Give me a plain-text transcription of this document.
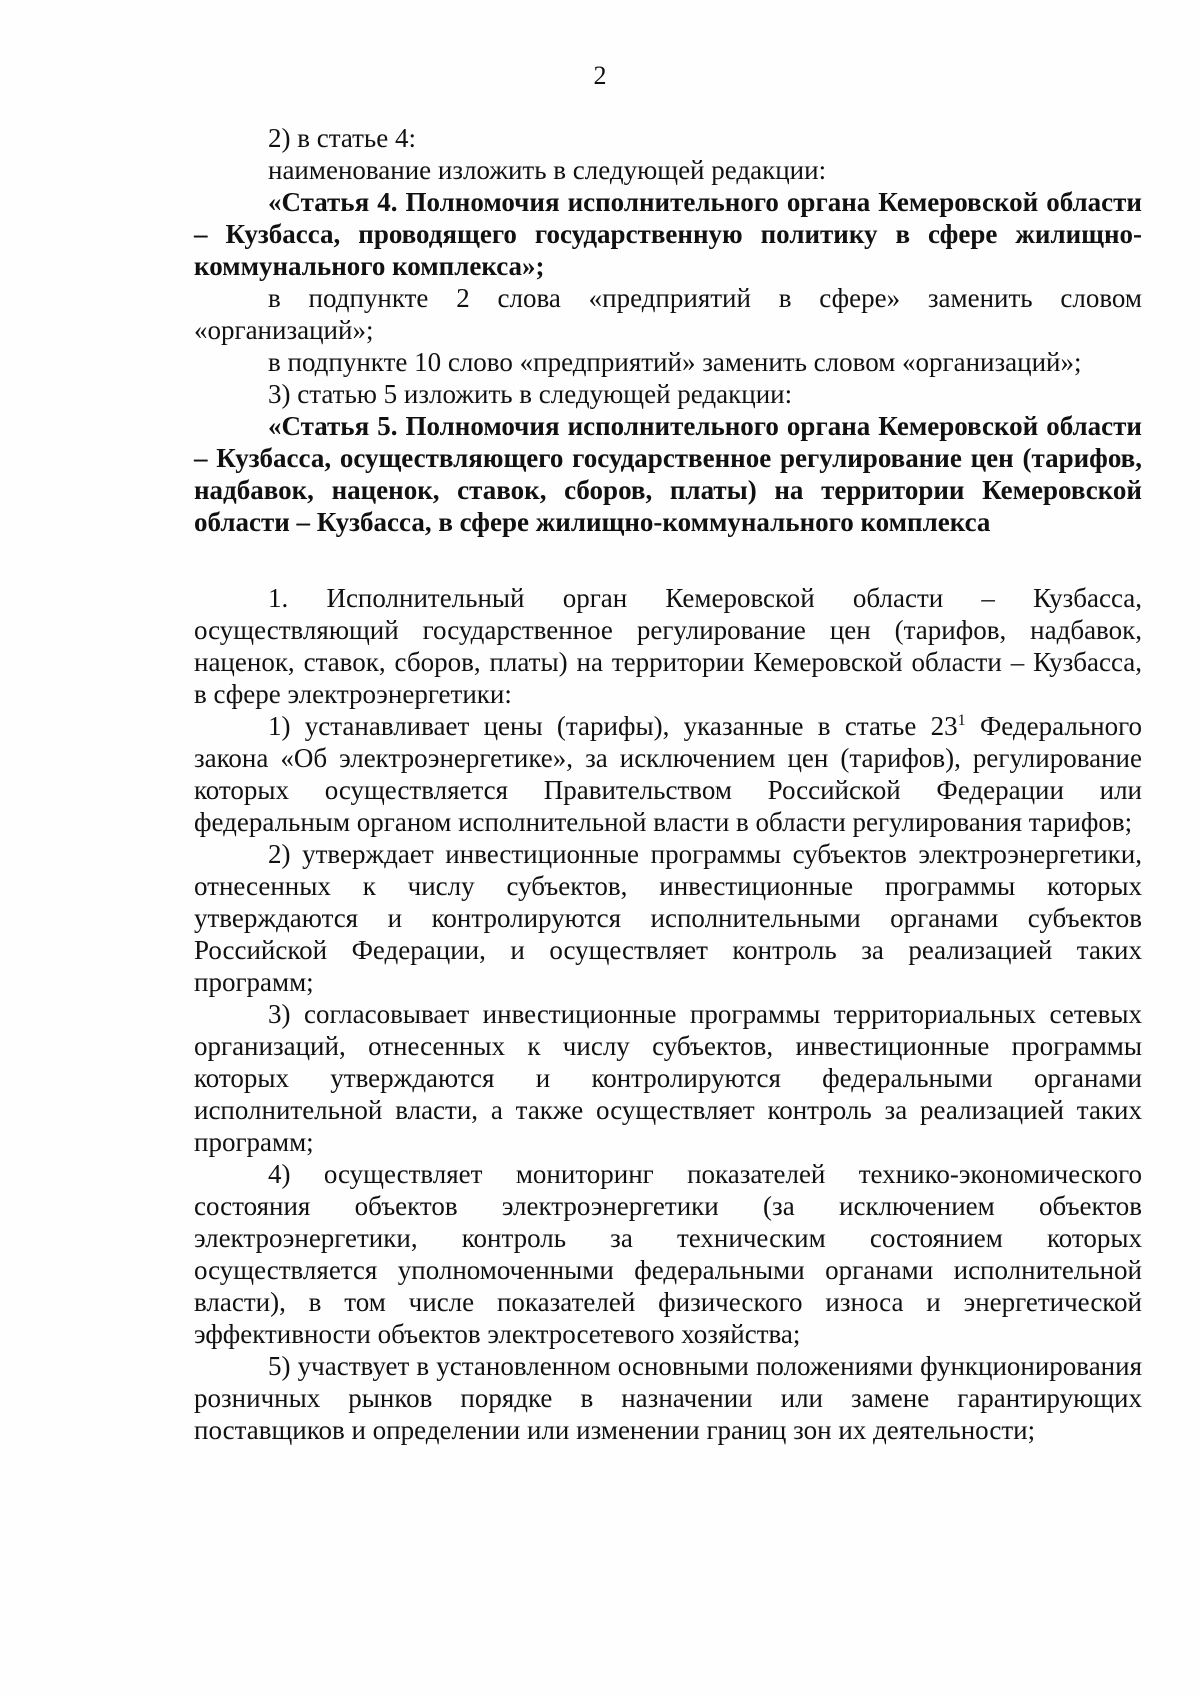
2

2) в статье 4:

наименование изложить в следующей редакции:

«Статья 4. Полномочия исполнительного органа Кемеровской области – Кузбасса, проводящего государственную политику в сфере жилищно-коммунального комплекса»;

в подпункте 2 слова «предприятий в сфере» заменить словом «организаций»;

в подпункте 10 слово «предприятий» заменить словом «организаций»;

3) статью 5 изложить в следующей редакции:

«Статья 5. Полномочия исполнительного органа Кемеровской области – Кузбасса, осуществляющего государственное регулирование цен (тарифов, надбавок, наценок, ставок, сборов, платы) на территории Кемеровской области – Кузбасса, в сфере жилищно-коммунального комплекса

1. Исполнительный орган Кемеровской области – Кузбасса, осуществляющий государственное регулирование цен (тарифов, надбавок, наценок, ставок, сборов, платы) на территории Кемеровской области – Кузбасса, в сфере электроэнергетики:

1) устанавливает цены (тарифы), указанные в статье $23^1$ Федерального закона «Об электроэнергетике», за исключением цен (тарифов), регулирование которых осуществляется Правительством Российской Федерации или федеральным органом исполнительной власти в области регулирования тарифов;

2) утверждает инвестиционные программы субъектов электроэнергетики, отнесенных к числу субъектов, инвестиционные программы которых утверждаются и контролируются исполнительными органами субъектов Российской Федерации, и осуществляет контроль за реализацией таких программ;

3) согласовывает инвестиционные программы территориальных сетевых организаций, отнесенных к числу субъектов, инвестиционные программы которых утверждаются и контролируются федеральными органами исполнительной власти, а также осуществляет контроль за реализацией таких программ;

4) осуществляет мониторинг показателей технико-экономического состояния объектов электроэнергетики (за исключением объектов электроэнергетики, контроль за техническим состоянием которых осуществляется уполномоченными федеральными органами исполнительной власти), в том числе показателей физического износа и энергетической эффективности объектов электросетевого хозяйства;

5) участвует в установленном основными положениями функционирования розничных рынков порядке в назначении или замене гарантирующих поставщиков и определении или изменении границ зон их деятельности;
